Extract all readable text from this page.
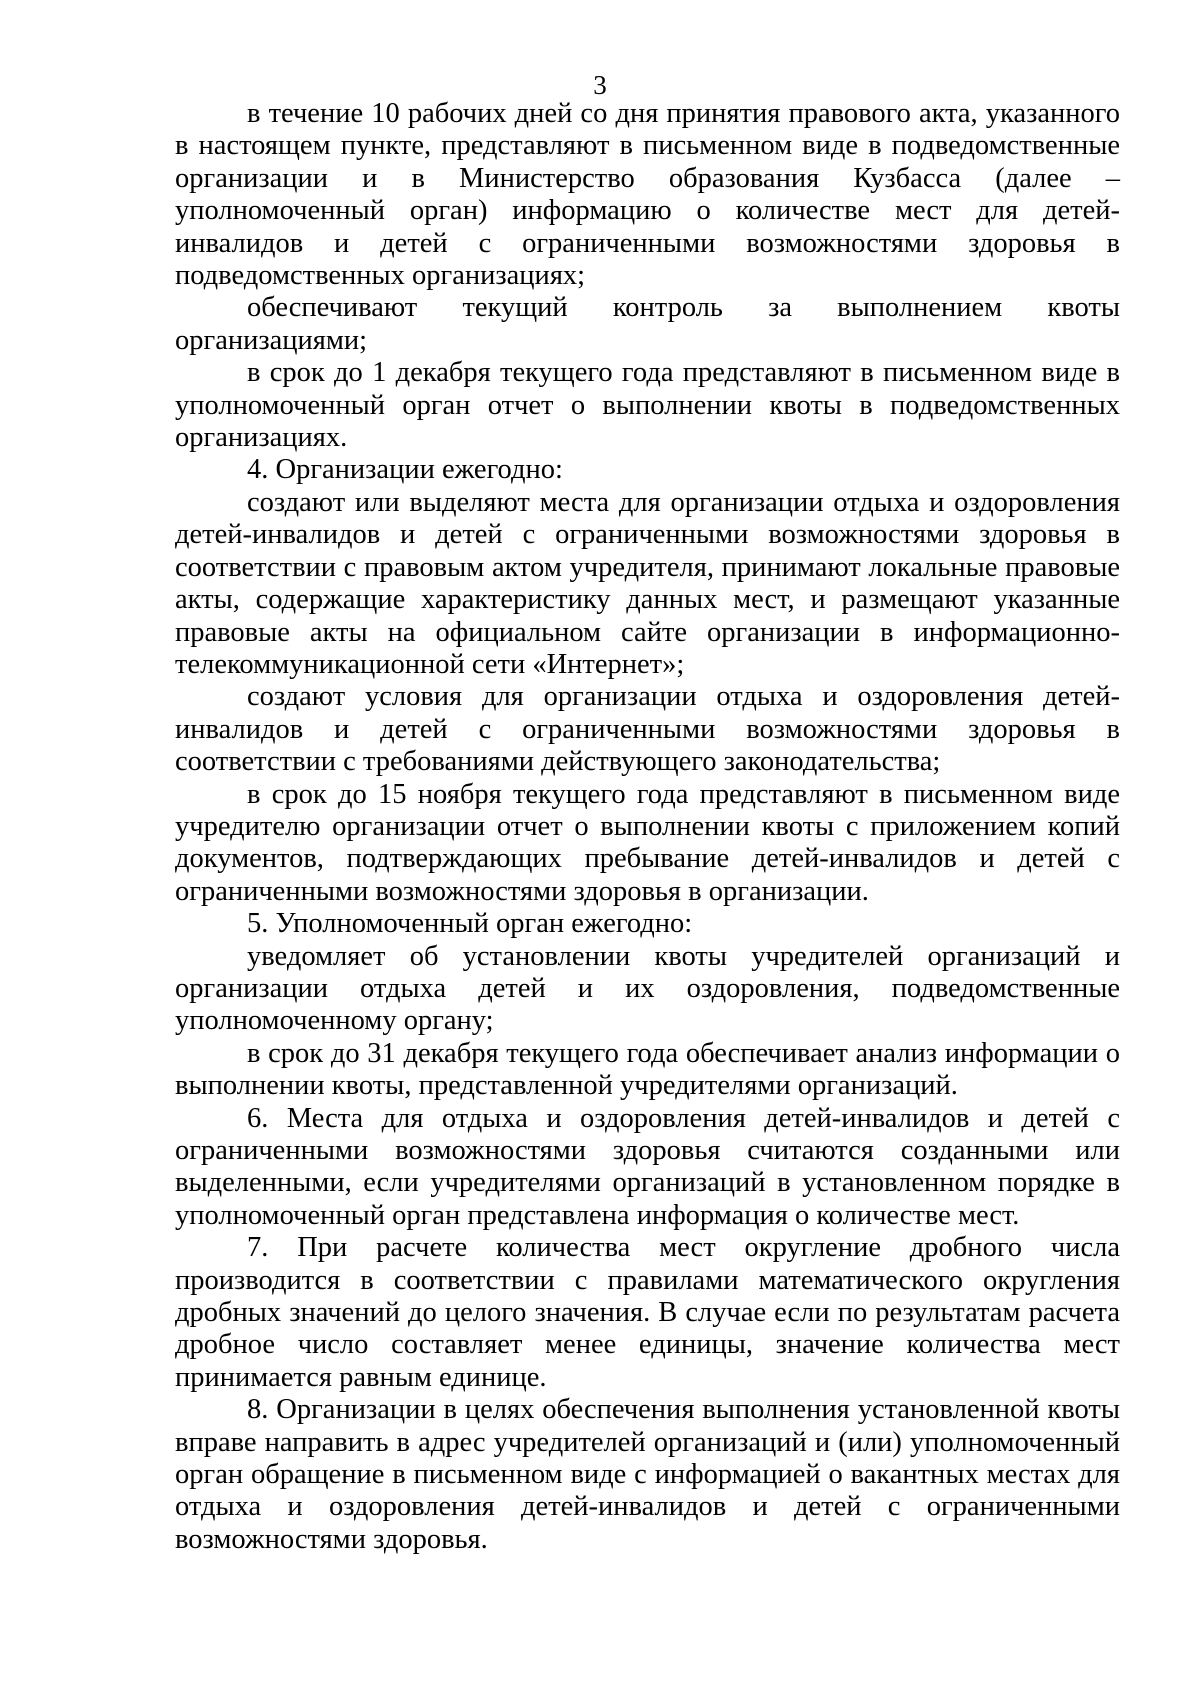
3

в течение 10 рабочих дней со дня принятия правового акта, указанного в настоящем пункте, представляют в письменном виде в подведомственные организации и в Министерство образования Кузбасса (далее – уполномоченный орган) информацию о количестве мест для детей-инвалидов и детей с ограниченными возможностями здоровья в подведомственных организациях;

обеспечивают текущий контроль за выполнением квоты организациями;

в срок до 1 декабря текущего года представляют в письменном виде в уполномоченный орган отчет о выполнении квоты в подведомственных организациях.

4. Организации ежегодно:

создают или выделяют места для организации отдыха и оздоровления детей-инвалидов и детей с ограниченными возможностями здоровья в соответствии с правовым актом учредителя, принимают локальные правовые акты, содержащие характеристику данных мест, и размещают указанные правовые акты на официальном сайте организации в информационно-телекоммуникационной сети «Интернет»;

создают условия для организации отдыха и оздоровления детей-инвалидов и детей с ограниченными возможностями здоровья в соответствии с требованиями действующего законодательства;

в срок до 15 ноября текущего года представляют в письменном виде учредителю организации отчет о выполнении квоты с приложением копий документов, подтверждающих пребывание детей-инвалидов и детей с ограниченными возможностями здоровья в организации.

5. Уполномоченный орган ежегодно:

уведомляет об установлении квоты учредителей организаций и организации отдыха детей и их оздоровления, подведомственные уполномоченному органу;

в срок до 31 декабря текущего года обеспечивает анализ информации о выполнении квоты, представленной учредителями организаций.

6. Места для отдыха и оздоровления детей-инвалидов и детей с ограниченными возможностями здоровья считаются созданными или выделенными, если учредителями организаций в установленном порядке в уполномоченный орган представлена информация о количестве мест.

7. При расчете количества мест округление дробного числа производится в соответствии с правилами математического округления дробных значений до целого значения. В случае если по результатам расчета дробное число составляет менее единицы, значение количества мест принимается равным единице.

8. Организации в целях обеспечения выполнения установленной квоты вправе направить в адрес учредителей организаций и (или) уполномоченный орган обращение в письменном виде с информацией о вакантных местах для отдыха и оздоровления детей-инвалидов и детей с ограниченными возможностями здоровья.
